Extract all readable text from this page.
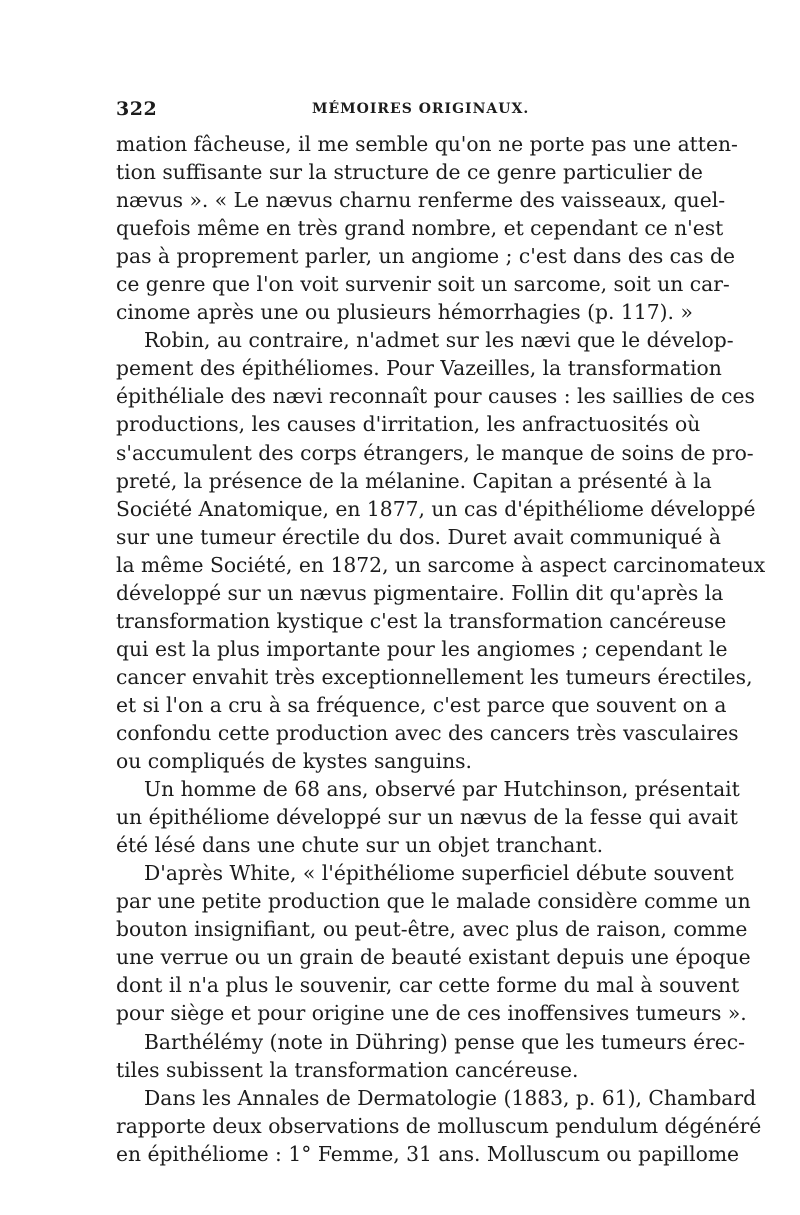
322	MÉMOIRES ORIGINAUX.
mation fâcheuse, il me semble qu'on ne porte pas une atten-
tion suffisante sur la structure de ce genre particulier de
nævus ». « Le nævus charnu renferme des vaisseaux, quel-
quefois même en très grand nombre, et cependant ce n'est
pas à proprement parler, un angiome ; c'est dans des cas de
ce genre que l'on voit survenir soit un sarcome, soit un car-
cinome après une ou plusieurs hémorrhagies (p. 117). »
Robin, au contraire, n'admet sur les nævi que le dévelop-
pement des épithéliomes. Pour Vazeilles, la transformation
épithéliale des nævi reconnaît pour causes : les saillies de ces
productions, les causes d'irritation, les anfractuosités où
s'accumulent des corps étrangers, le manque de soins de pro-
preté, la présence de la mélanine. Capitan a présenté à la
Société Anatomique, en 1877, un cas d'épithéliome développé
sur une tumeur érectile du dos. Duret avait communiqué à
la même Société, en 1872, un sarcome à aspect carcinomateux
développé sur un nævus pigmentaire. Follin dit qu'après la
transformation kystique c'est la transformation cancéreuse
qui est la plus importante pour les angiomes ; cependant le
cancer envahit très exceptionnellement les tumeurs érectiles,
et si l'on a cru à sa fréquence, c'est parce que souvent on a
confondu cette production avec des cancers très vasculaires
ou compliqués de kystes sanguins.
Un homme de 68 ans, observé par Hutchinson, présentait
un épithéliome développé sur un nævus de la fesse qui avait
été lésé dans une chute sur un objet tranchant.
D'après White, « l'épithéliome superficiel débute souvent
par une petite production que le malade considère comme un
bouton insignifiant, ou peut-être, avec plus de raison, comme
une verrue ou un grain de beauté existant depuis une époque
dont il n'a plus le souvenir, car cette forme du mal à souvent
pour siège et pour origine une de ces inoffensives tumeurs ».
Barthélémy (note in Dühring) pense que les tumeurs érec-
tiles subissent la transformation cancéreuse.
Dans les Annales de Dermatologie (1883, p. 61), Chambard
rapporte deux observations de molluscum pendulum dégénéré
en épithéliome : 1° Femme, 31 ans. Molluscum ou papillome
